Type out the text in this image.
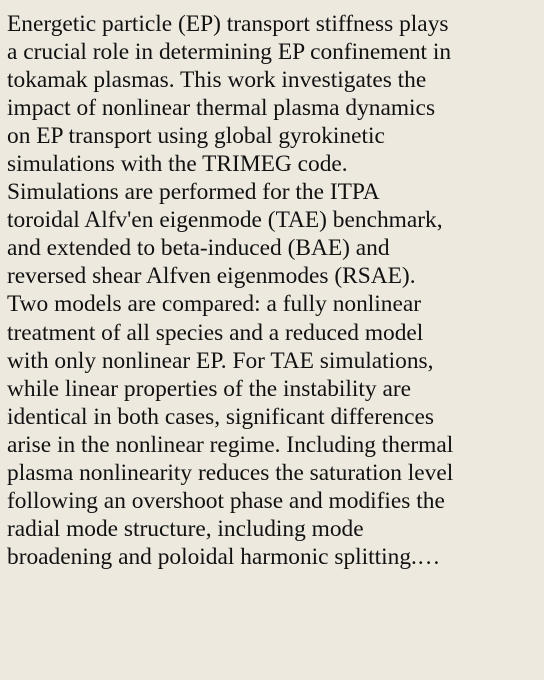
Energetic particle (EP) transport stiffness plays
a crucial role in determining EP confinement in
tokamak plasmas. This work investigates the
impact of nonlinear thermal plasma dynamics
on EP transport using global gyrokinetic
simulations with the TRIMEG code.
Simulations are performed for the ITPA
toroidal Alfv'en eigenmode (TAE) benchmark,
and extended to beta-induced (BAE) and
reversed shear Alfven eigenmodes (RSAE).
Two models are compared: a fully nonlinear
treatment of all species and a reduced model
with only nonlinear EP. For TAE simulations,
while linear properties of the instability are
identical in both cases, significant differences
arise in the nonlinear regime. Including thermal
plasma nonlinearity reduces the saturation level
following an overshoot phase and modifies the
radial mode structure, including mode
broadening and poloidal harmonic splitting.…
